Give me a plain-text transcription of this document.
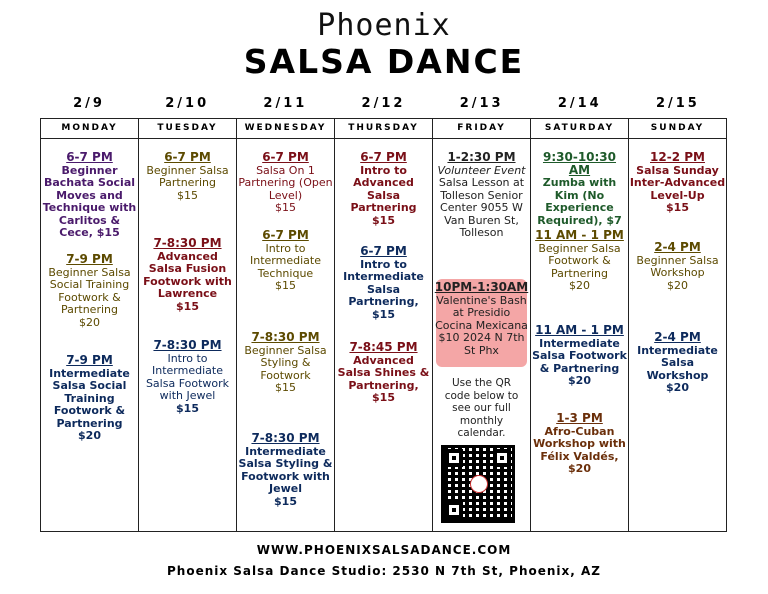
Phoenix
SALSA DANCE
2/9	2/10	2/11	2/12	2/13	2/14	2/15
MONDAY
6-7 PM
Beginner Bachata Social Moves and Technique with Carlitos & Cece, $15
7-9 PM
Beginner Salsa Social Training Footwork & Partnering
$20
7-9 PM
Intermediate Salsa Social Training Footwork & Partnering
$20
TUESDAY
6-7 PM
Beginner Salsa Partnering
$15
7-8:30 PM
Advanced Salsa Fusion Footwork with Lawrence
$15
7-8:30 PM
Intro to Intermediate Salsa Footwork with Jewel
$15
WEDNESDAY
6-7 PM
Salsa On 1 Partnering (Open Level)
$15
6-7 PM
Intro to Intermediate Technique
$15
7-8:30 PM
Beginner Salsa Styling & Footwork
$15
7-8:30 PM
Intermediate Salsa Styling & Footwork with Jewel
$15
THURSDAY
6-7 PM
Intro to Advanced Salsa Partnering
$15
6-7 PM
Intro to Intermediate Salsa Partnering, $15
7-8:45 PM
Advanced Salsa Shines & Partnering, $15
FRIDAY
1-2:30 PM
Volunteer Event
Salsa Lesson at Tolleson Senior Center 9055 W Van Buren St, Tolleson
10PM-1:30AM
Valentine's Bash at Presidio Cocina Mexicana $10 2024 N 7th St Phx
Use the QR code below to see our full monthly calendar.
SATURDAY
9:30-10:30 AM
Zumba with Kim (No Experience Required), $7
11 AM - 1 PM
Beginner Salsa Footwork & Partnering
$20
11 AM - 1 PM
Intermediate Salsa Footwork & Partnering
$20
1-3 PM
Afro-Cuban Workshop with Félix Valdés, $20
SUNDAY
12-2 PM
Salsa Sunday Inter-Advanced Level-Up
$15
2-4 PM
Beginner Salsa Workshop
$20
2-4 PM
Intermediate Salsa Workshop
$20
WWW.PHOENIXSALSADANCE.COM
Phoenix Salsa Dance Studio: 2530 N 7th St, Phoenix, AZ
